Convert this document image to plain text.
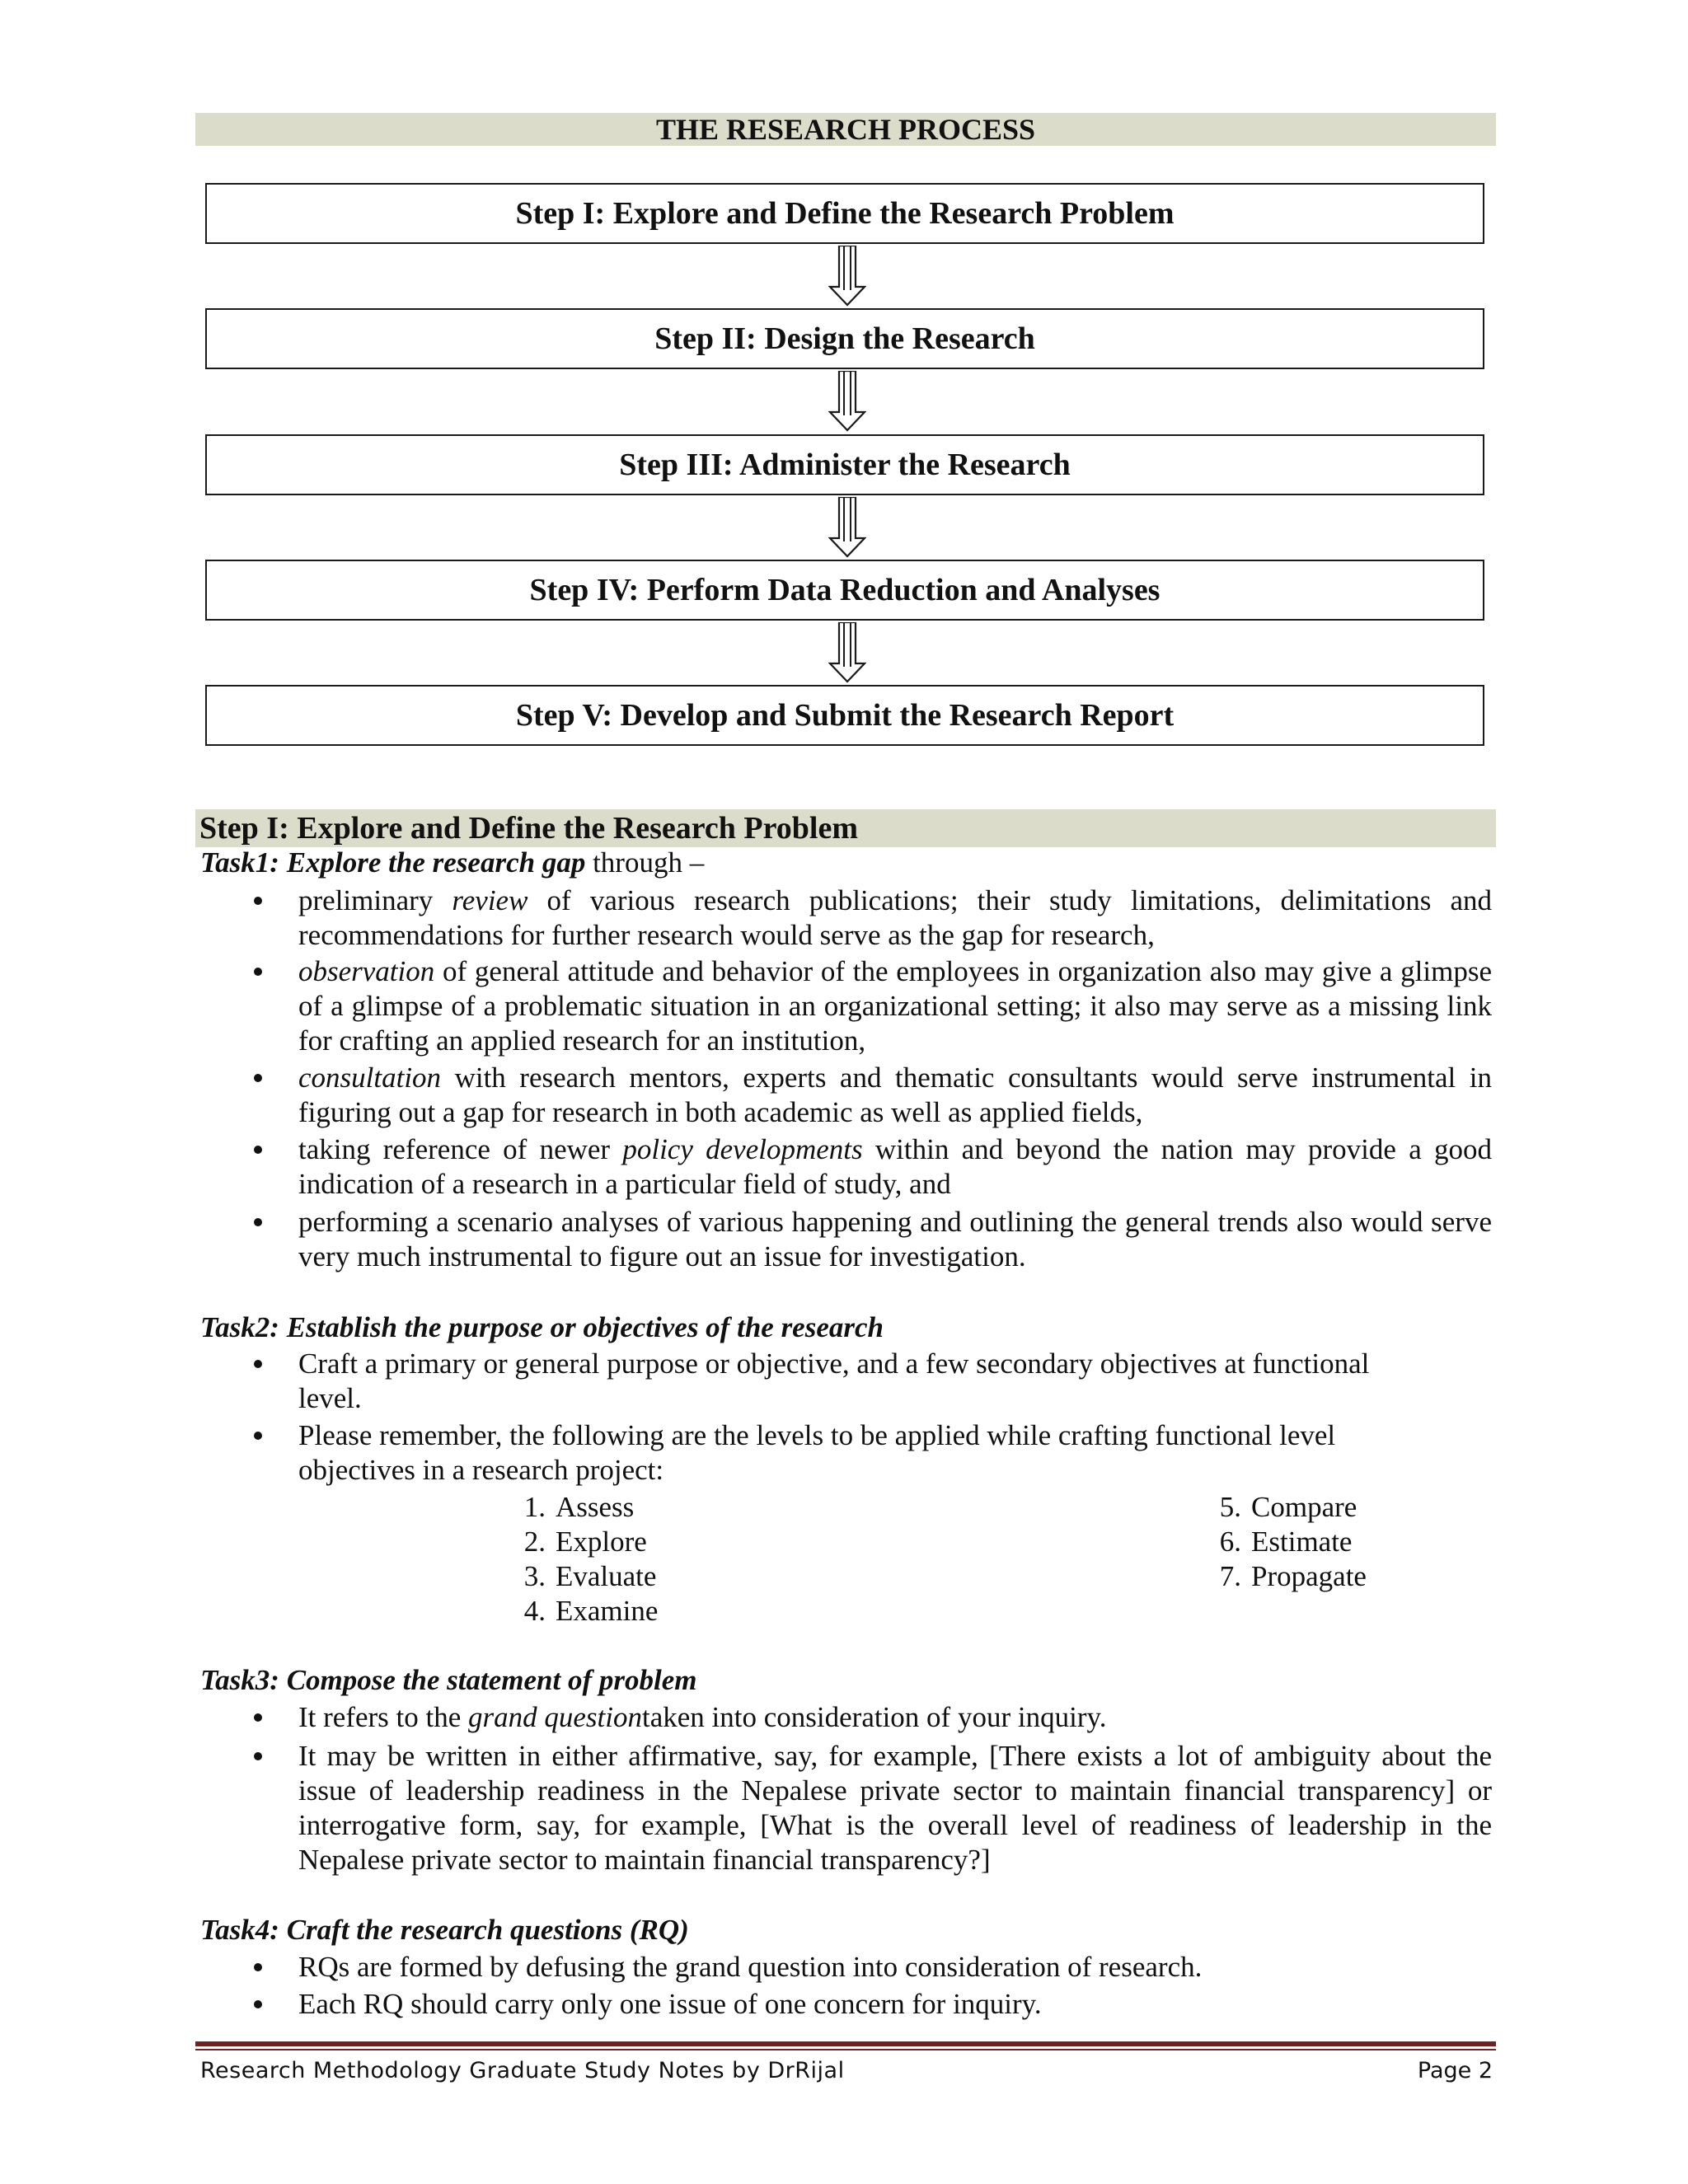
THE RESEARCH PROCESS
Step I: Explore and Define the Research Problem
Step II: Design the Research
Step III: Administer the Research
Step IV: Perform Data Reduction and Analyses
Step V: Develop and Submit the Research Report
Step I: Explore and Define the Research Problem
Task1: Explore the research gap through –
preliminary review of various research publications; their study limitations, delimitations and recommendations for further research would serve as the gap for research,
observation of general attitude and behavior of the employees in organization also may give a glimpse of a glimpse of a problematic situation in an organizational setting; it also may serve as a missing link for crafting an applied research for an institution,
consultation with research mentors, experts and thematic consultants would serve instrumental in figuring out a gap for research in both academic as well as applied fields,
taking reference of newer policy developments within and beyond the nation may provide a good indication of a research in a particular field of study, and
performing a scenario analyses of various happening and outlining the general trends also would serve very much instrumental to figure out an issue for investigation.
Task2: Establish the purpose or objectives of the research
Craft a primary or general purpose or objective, and a few secondary objectives at functional level.
Please remember, the following are the levels to be applied while crafting functional level objectives in a research project:
1. Assess
2. Explore
3. Evaluate
4. Examine
5. Compare
6. Estimate
7. Propagate
Task3: Compose the statement of problem
It refers to the grand questiontaken into consideration of your inquiry.
It may be written in either affirmative, say, for example, [There exists a lot of ambiguity about the issue of leadership readiness in the Nepalese private sector to maintain financial transparency] or interrogative form, say, for example, [What is the overall level of readiness of leadership in the Nepalese private sector to maintain financial transparency?]
Task4: Craft the research questions (RQ)
RQs are formed by defusing the grand question into consideration of research.
Each RQ should carry only one issue of one concern for inquiry.
Research Methodology Graduate Study Notes by DrRijal	Page 2
